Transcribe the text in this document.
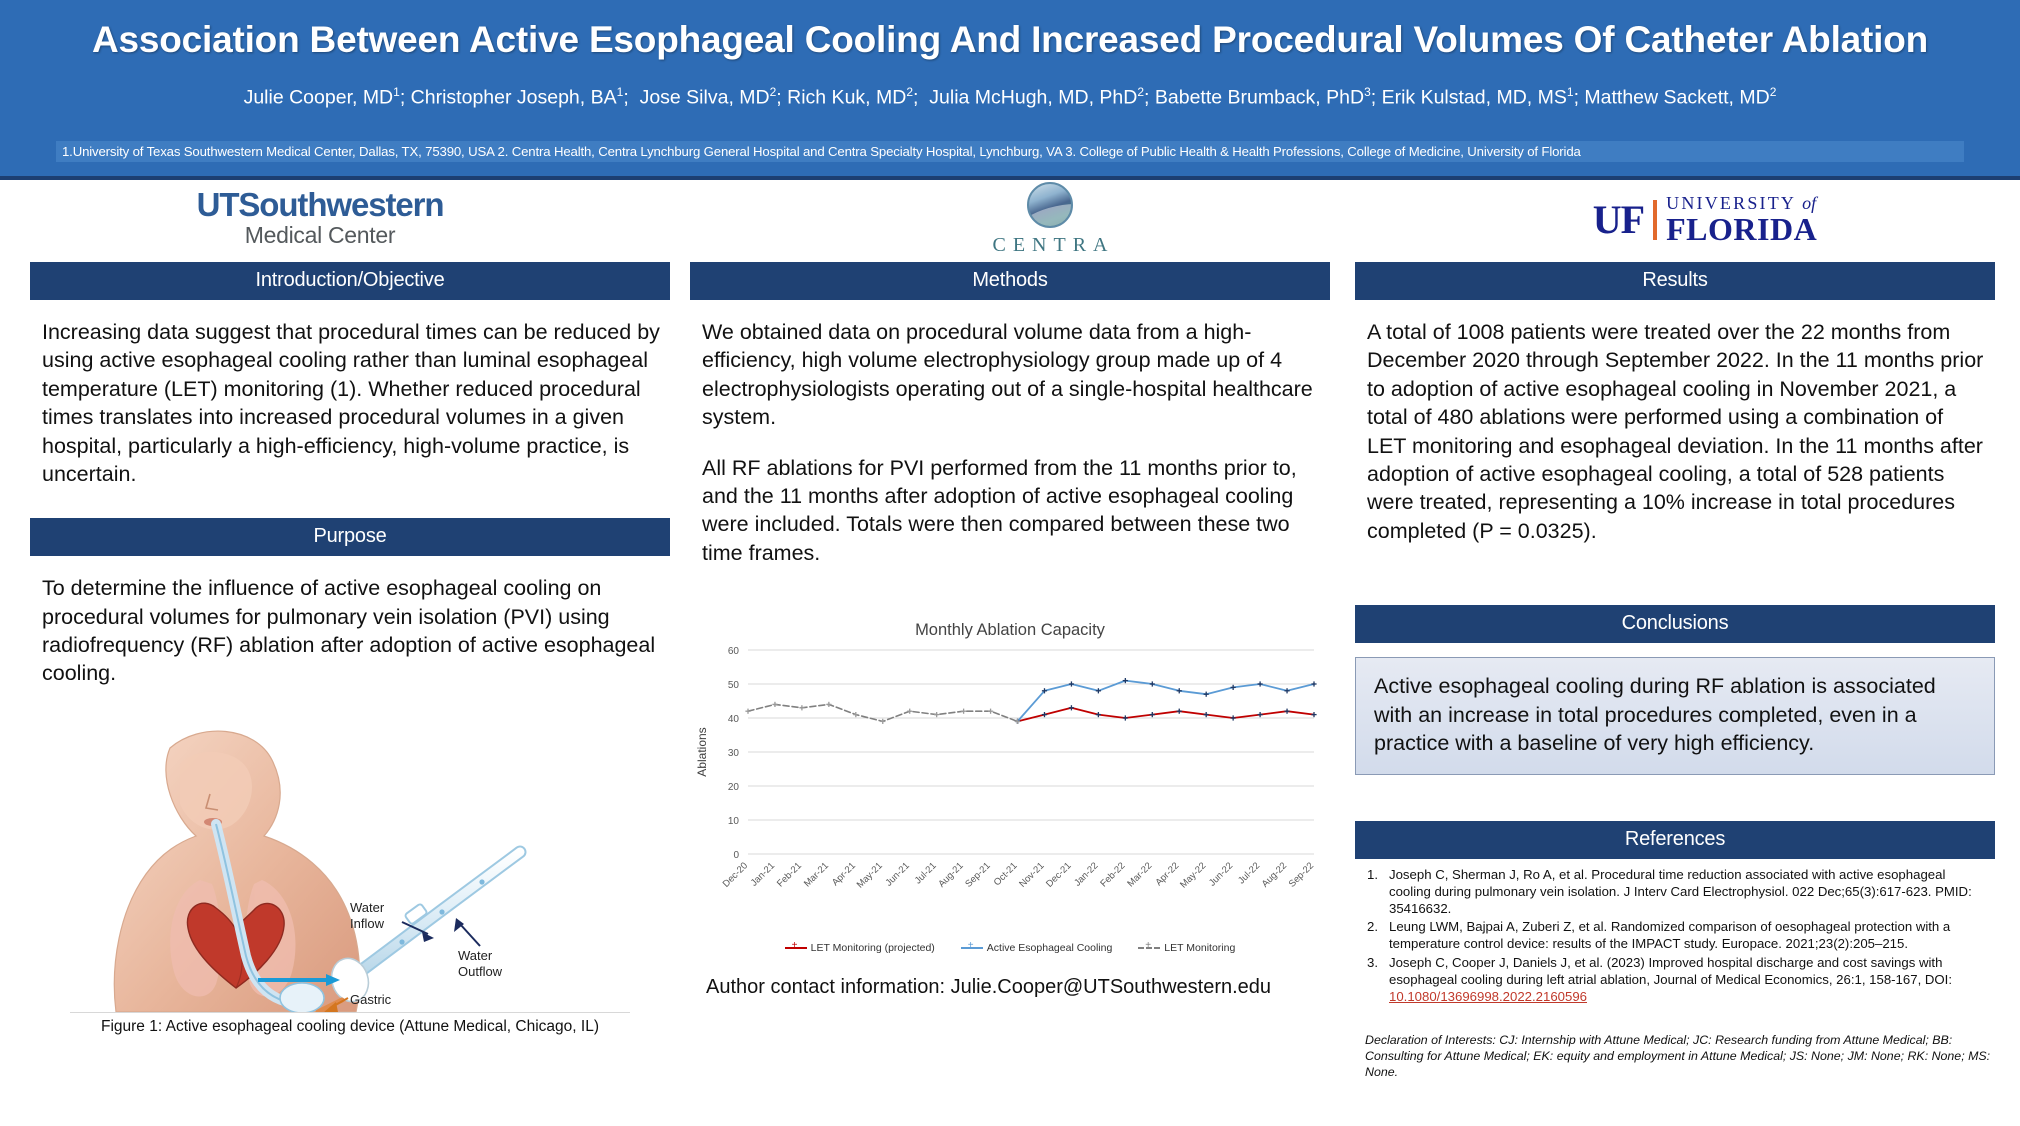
Association Between Active Esophageal Cooling And Increased Procedural Volumes Of Catheter Ablation
Julie Cooper, $MD^1$; Christopher Joseph, $BA^1$;  Jose Silva, $MD^2$; Rich Kuk, $MD^2$;  Julia McHugh, MD, PhD$^2$; Babette Brumback, PhD$^3$; Erik Kulstad, MD, $MS^1$; Matthew Sackett, $MD^2$
1.University of Texas Southwestern Medical Center, Dallas, TX, 75390, USA 2. Centra Health, Centra Lynchburg General Hospital and Centra Specialty Hospital, Lynchburg, VA 3. College of Public Health & Health Professions, College of Medicine, University of Florida
UTSouthwestern
Medical Center	CENTRA
UF UNIVERSITY of
FLORIDA
Introduction/Objective

Increasing data suggest that procedural times can be reduced by using active esophageal cooling rather than luminal esophageal temperature (LET) monitoring (1). Whether reduced procedural times translates into increased procedural volumes in a given hospital, particularly a high-efficiency, high-volume practice, is uncertain.

Purpose

To determine the influence of active esophageal cooling on procedural volumes for pulmonary vein isolation (PVI) using radiofrequency (RF) ablation after adoption of active esophageal cooling.

Water
Inflow
Water
Outflow
Gastric
Figure 1: Active esophageal cooling device (Attune Medical, Chicago, IL)
Methods

We obtained data on procedural volume data from a high-efficiency, high volume electrophysiology group made up of 4 electrophysiologists operating out of a single-hospital healthcare system.

All RF ablations for PVI performed from the 11 months prior to, and the 11 months after adoption of active esophageal cooling were included. Totals were then compared between these two time frames.

Monthly Ablation Capacity
0
10
20
30
40
50
60
Ablations
Dec-20
Jan-21
Feb-21
Mar-21 Apr-21
May-21
Jun-21 Jul-21
Aug-21
Sep-21 Oct-21
Nov-21
Dec-21
Jan-22
Feb-22
Mar-22 Apr-22
May-22
Jun-22 Jul-22
Aug-22
Sep-22
+
LET Monitoring (projected) +	Active Esophageal Cooling +	LET Monitoring
Author contact information: Julie.Cooper@UTSouthwestern.edu
Results

A total of 1008 patients were treated over the 22 months from December 2020 through September 2022. In the 11 months prior to adoption of active esophageal cooling in November 2021, a total of 480 ablations were performed using a combination of LET monitoring and esophageal deviation. In the 11 months after adoption of active esophageal cooling, a total of 528 patients were treated, representing a 10% increase in total procedures completed (P = 0.0325).

Conclusions
Active esophageal cooling during RF ablation is associated with an increase in total procedures completed, even in a practice with a baseline of very high efficiency.
References
Joseph C, Sherman J, Ro A, et al. Procedural time reduction associated with active esophageal cooling during pulmonary vein isolation. J Interv Card Electrophysiol. 022 Dec;65(3):617-623. PMID: 35416632.
Leung LWM, Bajpai A, Zuberi Z, et al. Randomized comparison of oesophageal protection with a temperature control device: results of the IMPACT study. Europace. 2021;23(2):205–215.
Joseph C, Cooper J, Daniels J, et al. (2023) Improved hospital discharge and cost savings with esophageal cooling during left atrial ablation, Journal of Medical Economics, 26:1, 158-167, DOI: 10.1080/13696998.2022.2160596
Declaration of Interests: CJ: Internship with Attune Medical; JC: Research funding from Attune Medical; BB: Consulting for Attune Medical; EK: equity and employment in Attune Medical; JS: None; JM: None; RK: None; MS: None.
